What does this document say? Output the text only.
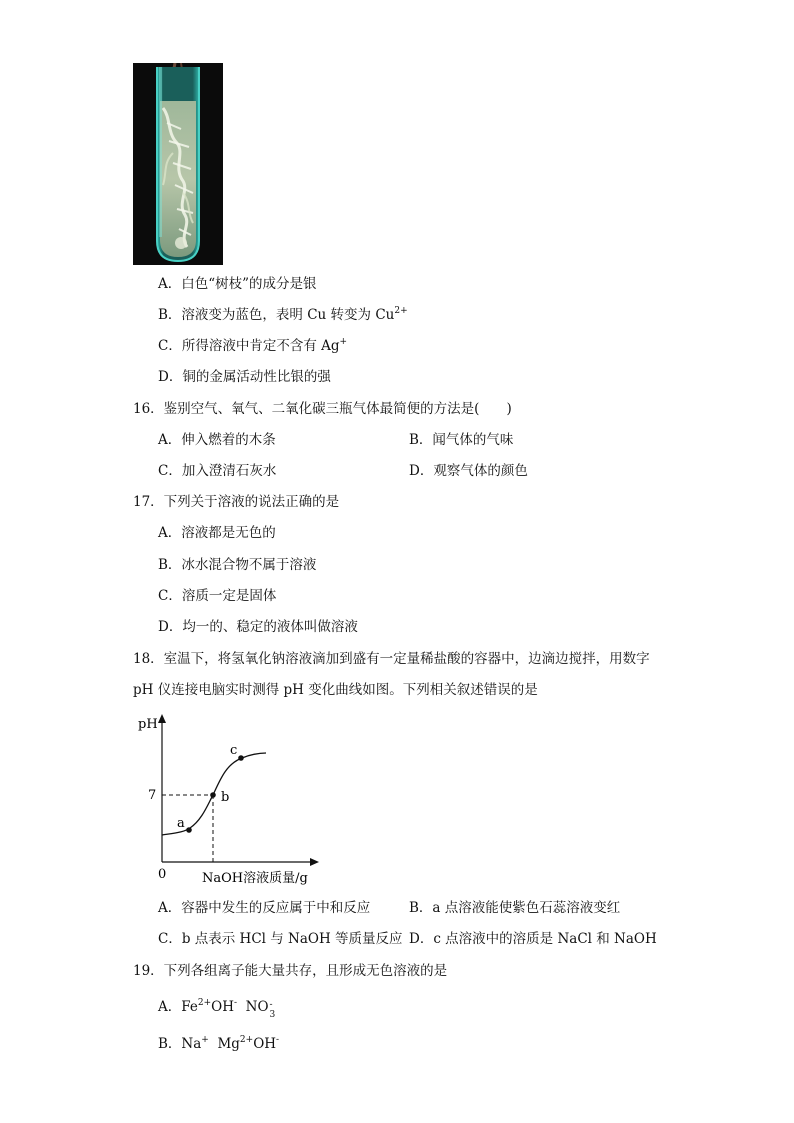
A．白色“树枝”的成分是银
B．溶液变为蓝色，表明 Cu 转变为 $Cu^{2+}$
C．所得溶液中肯定不含有 Ag+
D．铜的金属活动性比银的强
16．鉴别空气、氧气、二氧化碳三瓶气体最简便的方法是(　　)
A．伸入燃着的木条	B．闻气体的气味
C．加入澄清石灰水	D．观察气体的颜色
17．下列关于溶液的说法正确的是
A．溶液都是无色的
B．冰水混合物不属于溶液
C．溶质一定是固体
D．均一的、稳定的液体叫做溶液
18．室温下，将氢氧化钠溶液滴加到盛有一定量稀盐酸的容器中，边滴边搅拌，用数字
pH 仪连接电脑实时测得 pH 变化曲线如图。下列相关叙述错误的是
pH
7
0
a
b
c
NaOH溶液质量/g
A．容器中发生的反应属于中和反应	B．a 点溶液能使紫色石蕊溶液变红
C．b 点表示 HCl 与 NaOH 等质量反应 D．c 点溶液中的溶质是 NaCl 和 NaOH
19．下列各组离子能大量共存，且形成无色溶液的是
A．$Fe^{2+}OH^-$ NO -
3
B．Na+ $Mg^{2+}OH^-$
